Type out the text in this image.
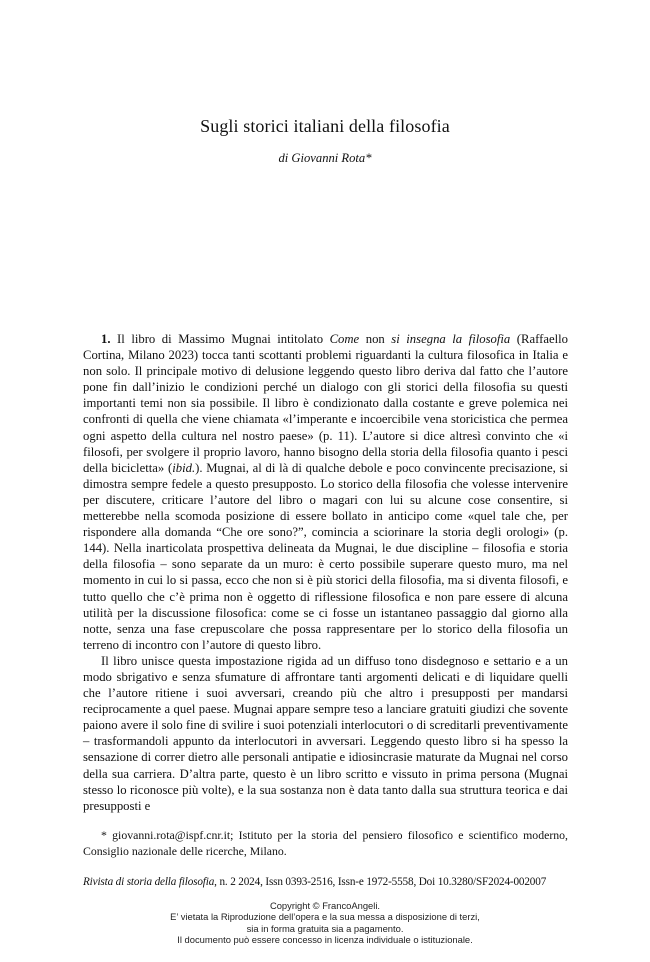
Sugli storici italiani della filosofia
di Giovanni Rota*

1. Il libro di Massimo Mugnai intitolato Come non si insegna la filosofia (Raffaello Cortina, Milano 2023) tocca tanti scottanti problemi riguardanti la cultura filosofica in Italia e non solo. Il principale motivo di delusione leggendo questo libro deriva dal fatto che l’autore pone fin dall’inizio le condizioni perché un dialogo con gli storici della filosofia su questi importanti temi non sia possibile. Il libro è condizionato dalla costante e greve polemica nei confronti di quella che viene chiamata «l’imperante e incoercibile vena storicistica che permea ogni aspetto della cultura nel nostro paese» (p. 11). L’autore si dice altresì convinto che «i filosofi, per svolgere il proprio lavoro, hanno bisogno della storia della filosofia quanto i pesci della bicicletta» (ibid.). Mugnai, al di là di qualche debole e poco convincente precisazione, si dimostra sempre fedele a questo presupposto. Lo storico della filosofia che volesse intervenire per discutere, criticare l’autore del libro o magari con lui su alcune cose consentire, si metterebbe nella scomoda posizione di essere bollato in anticipo come «quel tale che, per rispondere alla domanda “Che ore sono?”, comincia a sciorinare la storia degli orologi» (p. 144). Nella inarticolata prospettiva delineata da Mugnai, le due discipline – filosofia e storia della filosofia – sono separate da un muro: è certo possibile superare questo muro, ma nel momento in cui lo si passa, ecco che non si è più storici della filosofia, ma si diventa filosofi, e tutto quello che c’è prima non è oggetto di riflessione filosofica e non pare essere di alcuna utilità per la discussione filosofica: come se ci fosse un istantaneo passaggio dal giorno alla notte, senza una fase crepuscolare che possa rappresentare per lo storico della filosofia un terreno di incontro con l’autore di questo libro.

Il libro unisce questa impostazione rigida ad un diffuso tono disdegnoso e settario e a un modo sbrigativo e senza sfumature di affrontare tanti argomenti delicati e di liquidare quelli che l’autore ritiene i suoi avversari, creando più che altro i presupposti per mandarsi reciprocamente a quel paese. Mugnai appare sempre teso a lanciare gratuiti giudizi che sovente paiono avere il solo fine di svilire i suoi potenziali interlocutori o di screditarli preventivamente – trasformandoli appunto da interlocutori in avversari. Leggendo questo libro si ha spesso la sensazione di correr dietro alle personali antipatie e idiosincrasie maturate da Mugnai nel corso della sua carriera. D’altra parte, questo è un libro scritto e vissuto in prima persona (Mugnai stesso lo riconosce più volte), e la sua sostanza non è data tanto dalla sua struttura teorica e dai presupposti e

* giovanni.rota@ispf.cnr.it; Istituto per la storia del pensiero filosofico e scientifico moderno, Consiglio nazionale delle ricerche, Milano.

Rivista di storia della filosofia, n. 2 2024, Issn 0393-2516, Issn-e 1972-5558, Doi 10.3280/SF2024-002007
Copyright © FrancoAngeli.
E’ vietata la Riproduzione dell’opera e la sua messa a disposizione di terzi,
sia in forma gratuita sia a pagamento.
Il documento può essere concesso in licenza individuale o istituzionale.
